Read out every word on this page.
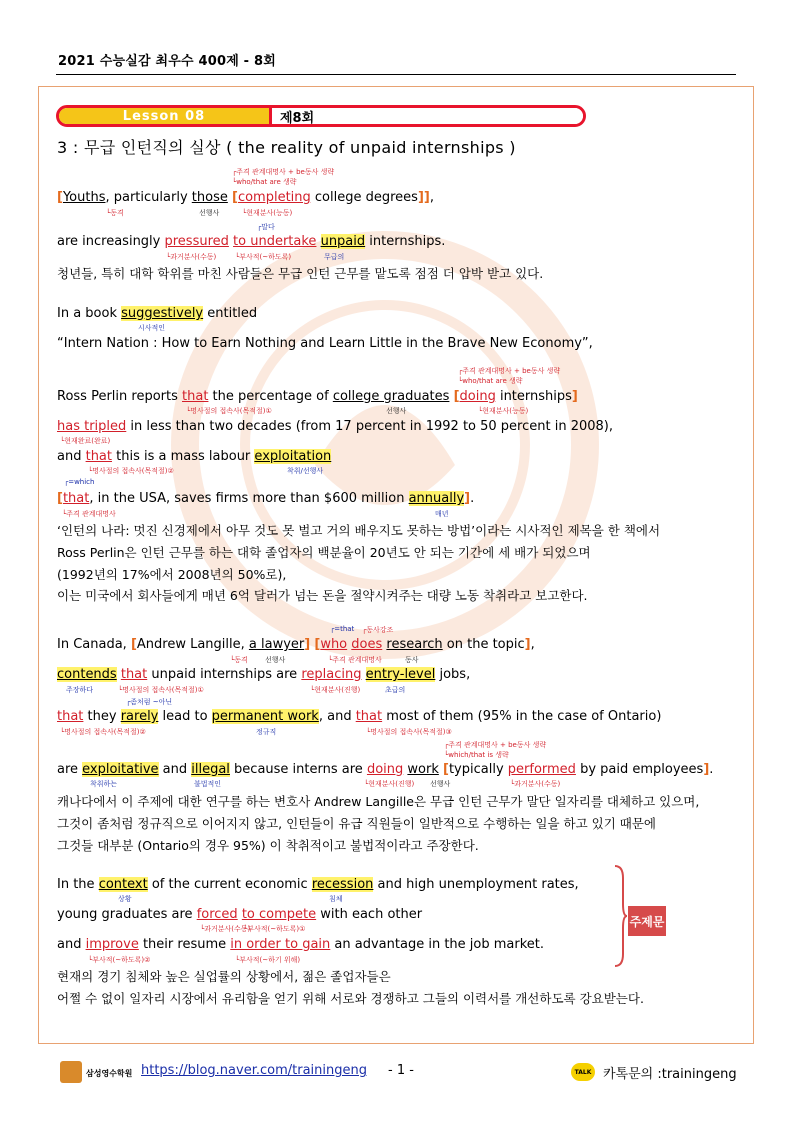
2021 수능실감 최우수 400제 - 8회
Lesson 08	제8회
3 : 무급 인턴직의 실상 ( the reality of unpaid internships )
┌주격 관계대명사 + be동사 생략
└who/that are 생략
[Youths, particularly those [completing college degrees]],
└동격	선행사	└현재분사(능동)
┌말다
are increasingly pressured to undertake unpaid internships.
└과거분사(수동)	└부사적(~하도록)	무급의
청년들, 특히 대학 학위를 마친 사람들은 무급 인턴 근무를 맡도록 점점 더 압박 받고 있다.
In a book suggestively entitled
시사적인
“Intern Nation : How to Earn Nothing and Learn Little in the Brave New Economy”,
┌주격 관계대명사 + be동사 생략
└who/that are 생략
Ross Perlin reports that the percentage of college graduates [doing internships]
└명사절의 접속사(목적절)①	선행사	└현재분사(능동)
has tripled in less than two decades (from 17 percent in 1992 to 50 percent in 2008),
└현재완료(완료)
and that this is a mass labour exploitation
└명사절의 접속사(목적절)②	착취/선행사
┌=which
[that, in the USA, saves firms more than $600 million annually].
└주격 관계대명사	매년
‘인턴의 나라: 멋진 신경제에서 아무 것도 못 벌고 거의 배우지도 못하는 방법’이라는 시사적인 제목을 한 책에서
Ross Perlin은 인턴 근무를 하는 대학 졸업자의 백분율이 20년도 안 되는 기간에 세 배가 되었으며
(1992년의 17%에서 2008년의 50%로),
이는 미국에서 회사들에게 매년 6억 달러가 넘는 돈을 절약시켜주는 대량 노동 착취라고 보고한다.
┌=that ┌동사강조
In Canada, [Andrew Langille, a lawyer] [who does research on the topic],
└동격 선행사	└주격 관계대명사	동사
contends that unpaid internships are replacing entry-level jobs,
주장하다	└명사절의 접속사(목적절)①	└현재분사(진행)	초급의
┌좀처럼 ~아닌
that they rarely lead to permanent work, and that most of them (95% in the case of Ontario)
└명사절의 접속사(목적절)②	정규직	└명사절의 접속사(목적절)③
┌주격 관계대명사 + be동사 생략
└which/that is 생략
are exploitative and illegal because interns are doing work [typically performed by paid employees].
착취하는	불법적인	└현재분사(진행) 선행사	└과거분사(수동)
캐나다에서 이 주제에 대한 연구를 하는 변호사 Andrew Langille은 무급 인턴 근무가 말단 일자리를 대체하고 있으며,
그것이 좀처럼 정규직으로 이어지지 않고, 인턴들이 유급 직원들이 일반적으로 수행하는 일을 하고 있기 때문에
그것들 대부분 (Ontario의 경우 95%) 이 착취적이고 불법적이라고 주장한다.
In the context of the current economic recession and high unemployment rates,
상황	침체
young graduates are forced to compete with each other
└과거분사(수동)
└부사적(~하도록)①
and improve their resume in order to gain an advantage in the job market.
└부사적(~하도록)②	└부사적(~하기 위해)
현재의 경기 침체와 높은 실업률의 상황에서, 젊은 졸업자들은
어쩔 수 없이 일자리 시장에서 유리함을 얻기 위해 서로와 경쟁하고 그들의 이력서를 개선하도록 강요받는다.
주제문
삼성영수학원 https://blog.naver.com/trainingeng - 1 -	TALK 카톡문의 :trainingeng
